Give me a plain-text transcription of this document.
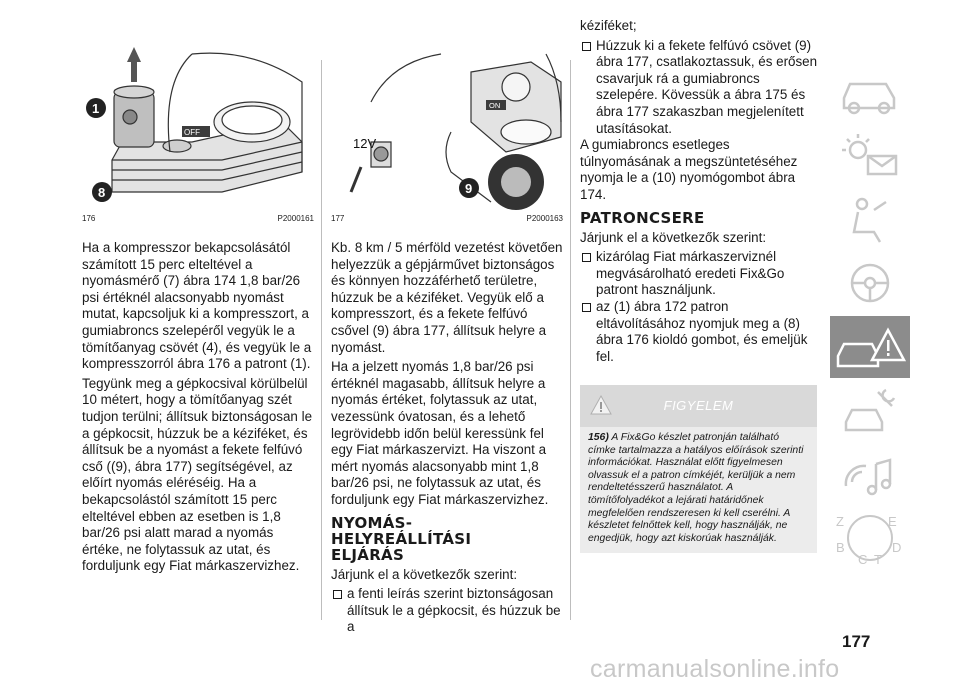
OFF
1
8
176	P2000161
ON
12V
9
177	P2000163

Ha a kompresszor bekapcsolásától számított 15 perc elteltével a nyomásmérő (7) ábra 174 1,8 bar/26 psi értéknél alacsonyabb nyomást mutat, kapcsoljuk ki a kompresszort, a gumiabroncs szelepéről vegyük le a tömítőanyag csövét (4), és vegyük le a kompresszorról ábra 176 a patront (1).

Tegyünk meg a gépkocsival körülbelül 10 métert, hogy a tömítőanyag szét tudjon terülni; állítsuk biztonságosan le a gépkocsit, húzzuk be a kéziféket, és állítsuk be a nyomást a fekete felfúvó cső ((9), ábra 177) segítségével, az előírt nyomás eléréséig. Ha a bekapcsolástól számított 15 perc elteltével ebben az esetben is 1,8 bar/26 psi alatt marad a nyomás értéke, ne folytassuk az utat, és forduljunk egy Fiat márkaszervizhez.

Kb. 8 km / 5 mérföld vezetést követően helyezzük a gépjárművet biztonságos és könnyen hozzáférhető területre, húzzuk be a kéziféket. Vegyük elő a kompresszort, és a fekete felfúvó csővel (9) ábra 177, állítsuk helyre a nyomást.

Ha a jelzett nyomás 1,8 bar/26 psi értéknél magasabb, állítsuk helyre a nyomás értéket, folytassuk az utat, vezessünk óvatosan, és a lehető legrövidebb időn belül keressünk fel egy Fiat márkaszervizt. Ha viszont a mért nyomás alacsonyabb mint 1,8 bar/26 psi, ne folytassuk az utat, és forduljunk egy Fiat márkaszervizhez.

NYOMÁS-
HELYREÁLLÍTÁSI
ELJÁRÁS

Járjunk el a következők szerint:

a fenti leírás szerint biztonságosan állítsuk le a gépkocsit, és húzzuk be a

kéziféket;

Húzzuk ki a fekete felfúvó csövet (9) ábra 177, csatlakoztassuk, és erősen csavarjuk rá a gumiabroncs szelepére. Kövessük a ábra 175 és ábra 177 szakaszban megjelenített utasításokat.

A gumiabroncs esetleges túlnyomásának a megszüntetéséhez nyomja le a (10) nyomógombot ábra 174.

PATRONCSERE

Járjunk el a következők szerint:

kizárólag Fiat márkaszerviznél megvásárolható eredeti Fix&Go patront használjunk.
az (1) ábra 172 patron eltávolításához nyomjuk meg a (8) ábra 176 kioldó gombot, és emeljük fel.
FIGYELEM
156) A Fix&Go készlet patronján található címke tartalmazza a hatályos előírások szerinti információkat. Használat előtt figyelmesen olvassuk el a patron címkéjét, kerüljük a nem rendeltetésszerű használatot. A tömítőfolyadékot a lejárati határidőnek megfelelően rendszeresen ki kell cserélni. A készletet felnőttek kell, hogy használják, ne engedjük, hogy azt kiskorúak használják.
Z	E
B
C T
D
177
carmanualsonline.info
